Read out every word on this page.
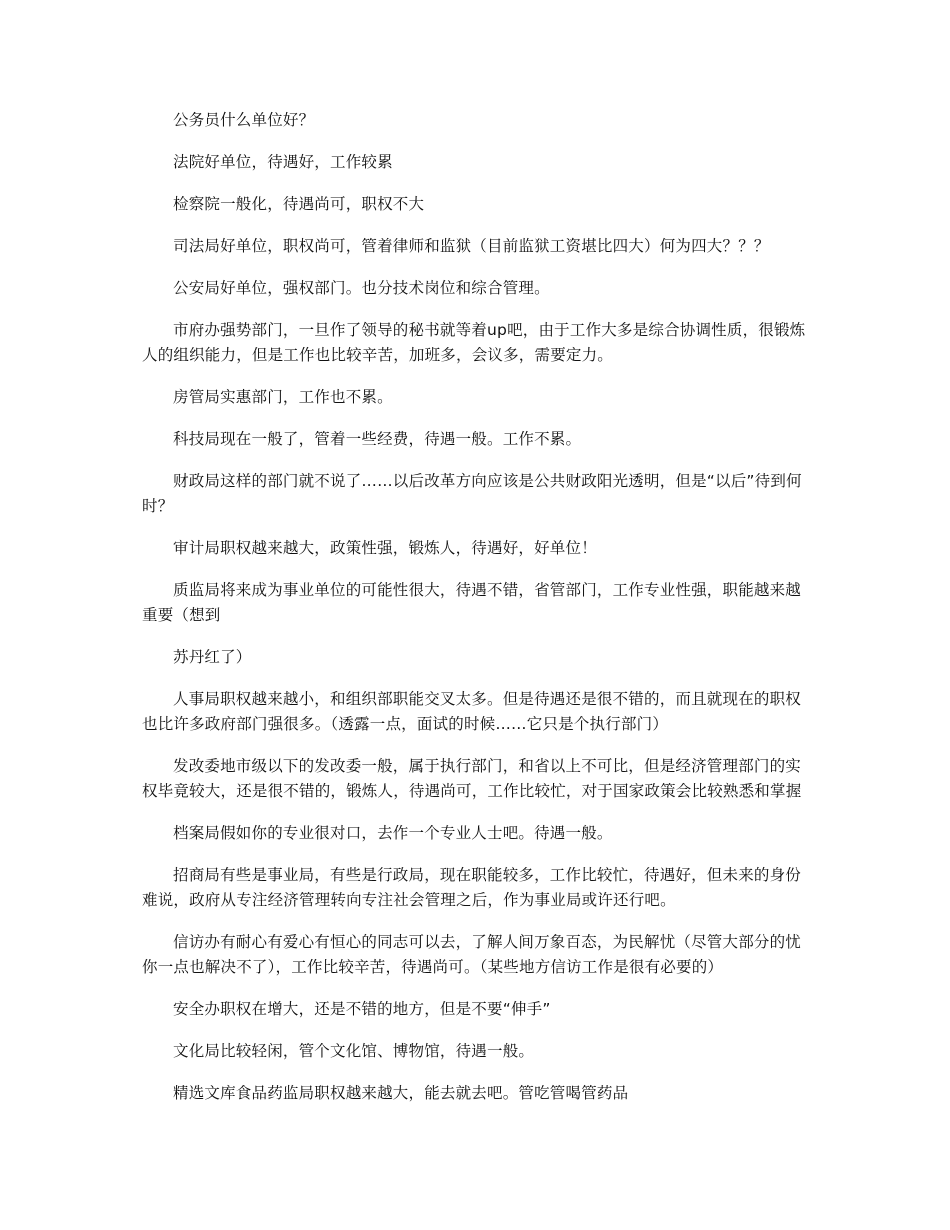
公务员什么单位好？

法院好单位，待遇好，工作较累

检察院一般化，待遇尚可，职权不大

司法局好单位，职权尚可，管着律师和监狱（目前监狱工资堪比四大）何为四大？？？

公安局好单位，强权部门。也分技术岗位和综合管理。

市府办强势部门，一旦作了领导的秘书就等着up吧，由于工作大多是综合协调性质，很锻炼人的组织能力，但是工作也比较辛苦，加班多，会议多，需要定力。

房管局实惠部门，工作也不累。

科技局现在一般了，管着一些经费，待遇一般。工作不累。

财政局这样的部门就不说了……以后改革方向应该是公共财政阳光透明，但是“以后”待到何时？

审计局职权越来越大，政策性强，锻炼人，待遇好，好单位！

质监局将来成为事业单位的可能性很大，待遇不错，省管部门，工作专业性强，职能越来越重要（想到

苏丹红了）

人事局职权越来越小，和组织部职能交叉太多。但是待遇还是很不错的，而且就现在的职权也比许多政府部门强很多。（透露一点，面试的时候……它只是个执行部门）

发改委地市级以下的发改委一般，属于执行部门，和省以上不可比，但是经济管理部门的实权毕竟较大，还是很不错的，锻炼人，待遇尚可，工作比较忙，对于国家政策会比较熟悉和掌握

档案局假如你的专业很对口，去作一个专业人士吧。待遇一般。

招商局有些是事业局，有些是行政局，现在职能较多，工作比较忙，待遇好，但未来的身份难说，政府从专注经济管理转向专注社会管理之后，作为事业局或许还行吧。

信访办有耐心有爱心有恒心的同志可以去，了解人间万象百态，为民解忧（尽管大部分的忧你一点也解决不了），工作比较辛苦，待遇尚可。（某些地方信访工作是很有必要的）

安全办职权在增大，还是不错的地方，但是不要“伸手”

文化局比较轻闲，管个文化馆、博物馆，待遇一般。

精选文库食品药监局职权越来越大，能去就去吧。管吃管喝管药品
